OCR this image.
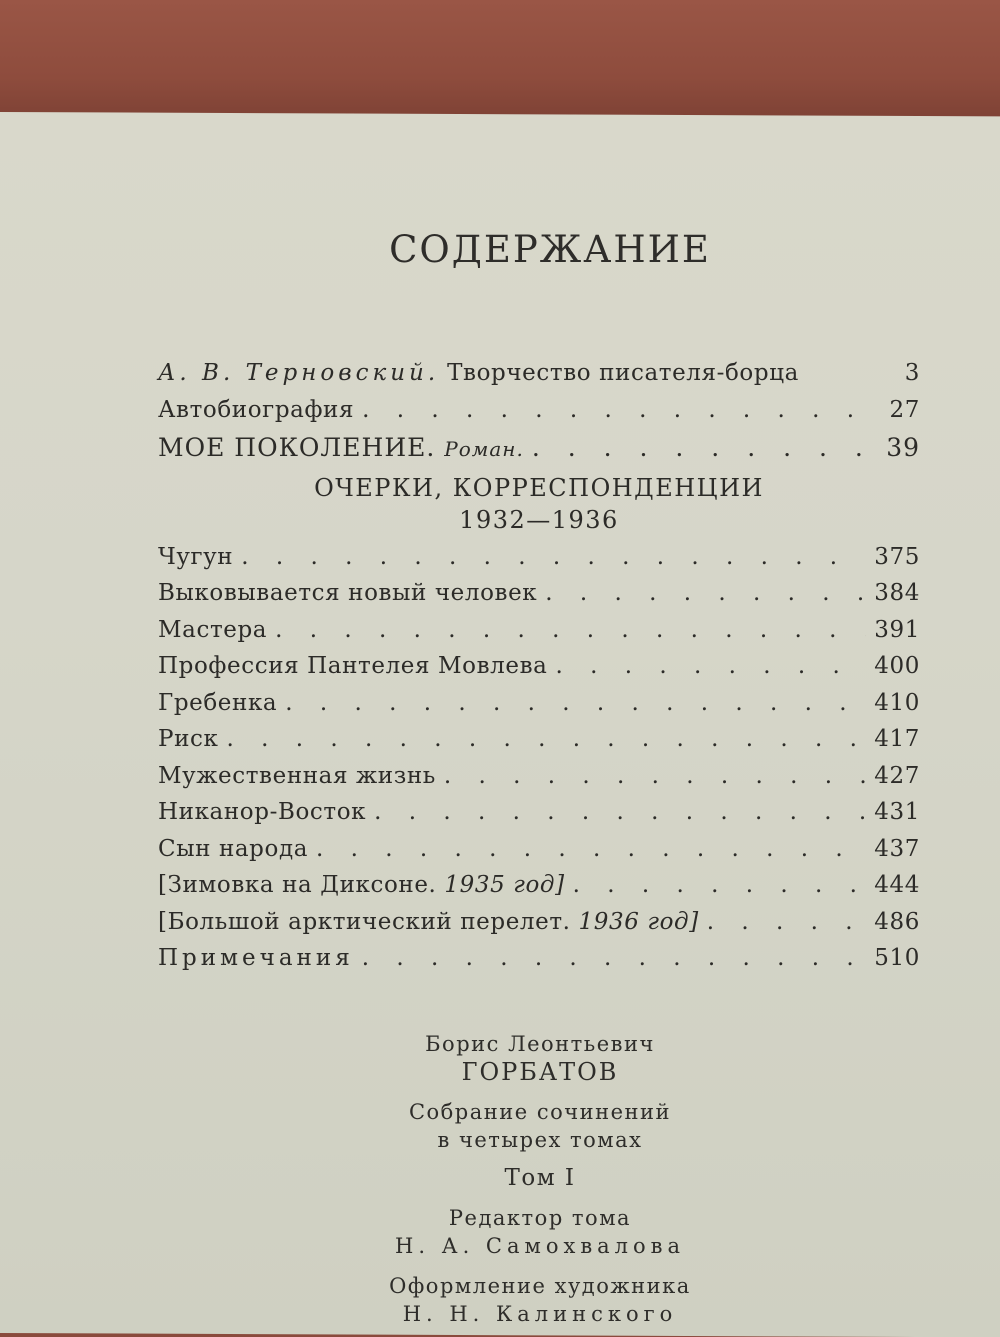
СОДЕРЖАНИЕ
А. В. Терновский. Творчество писателя-борца	3
Автобиография . . .	27
МОЕ ПОКОЛЕНИЕ. Роман. . . .	39
ОЧЕРКИ, КОРРЕСПОНДЕНЦИИ
1932—1936
Чугун . . .	375
Выковывается новый человек . . .	384
Мастера . . .	391
Профессия Пантелея Мовлева . . .	400
Гребенка . . .	410
Риск . . .	417
Мужественная жизнь . . .	427
Никанор-Восток . . .	431
Сын народа . . .	437
[Зимовка на Диксоне. 1935 год] . . .	444
[Большой арктический перелет. 1936 год] . . .	486
Примечания . . .	510
Борис Леонтьевич
ГОРБАТОВ
Собрание сочинений
в четырех томах
Том I
Редактор тома
Н. А. Самохвалова
Оформление художника
Н. Н. Калинского
